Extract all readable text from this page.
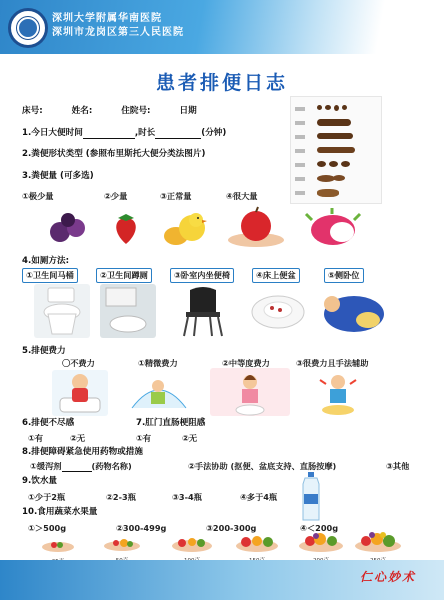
深圳大学附属华南医院
深圳市龙岗区第三人民医院
患者排便日志
床号:	姓名:	住院号:	日期
1.今日大便时间	,时长	(分钟)
2.粪便形状类型 (参照布里斯托大便分类法图片)
3.粪便量 (可多选)
①极少量	②少量	③正常量	④很大量
4.如厕方法:
①卫生间马桶	②卫生间蹲厕	③卧室内坐便椅	④床上便盆	⑤侧卧位
5.排便费力
〇不费力	①精微费力	②中等度费力	③很费力且手法辅助
6.排便不尽感	7.肛门直肠梗阻感
①有	②无	①有	②无
8.排便障碍紧急使用药物或措施
①缓泻剂	(药物名称)	②手法协助 (抠便、盆底支持、直肠按摩)	③其他
9.饮水量
①少于2瓶	②2-3瓶	③3-4瓶	④多于4瓶
10.食用蔬菜水果量
①＞500g	②300-499g	③200-300g	④＜200g
仁心妙术
